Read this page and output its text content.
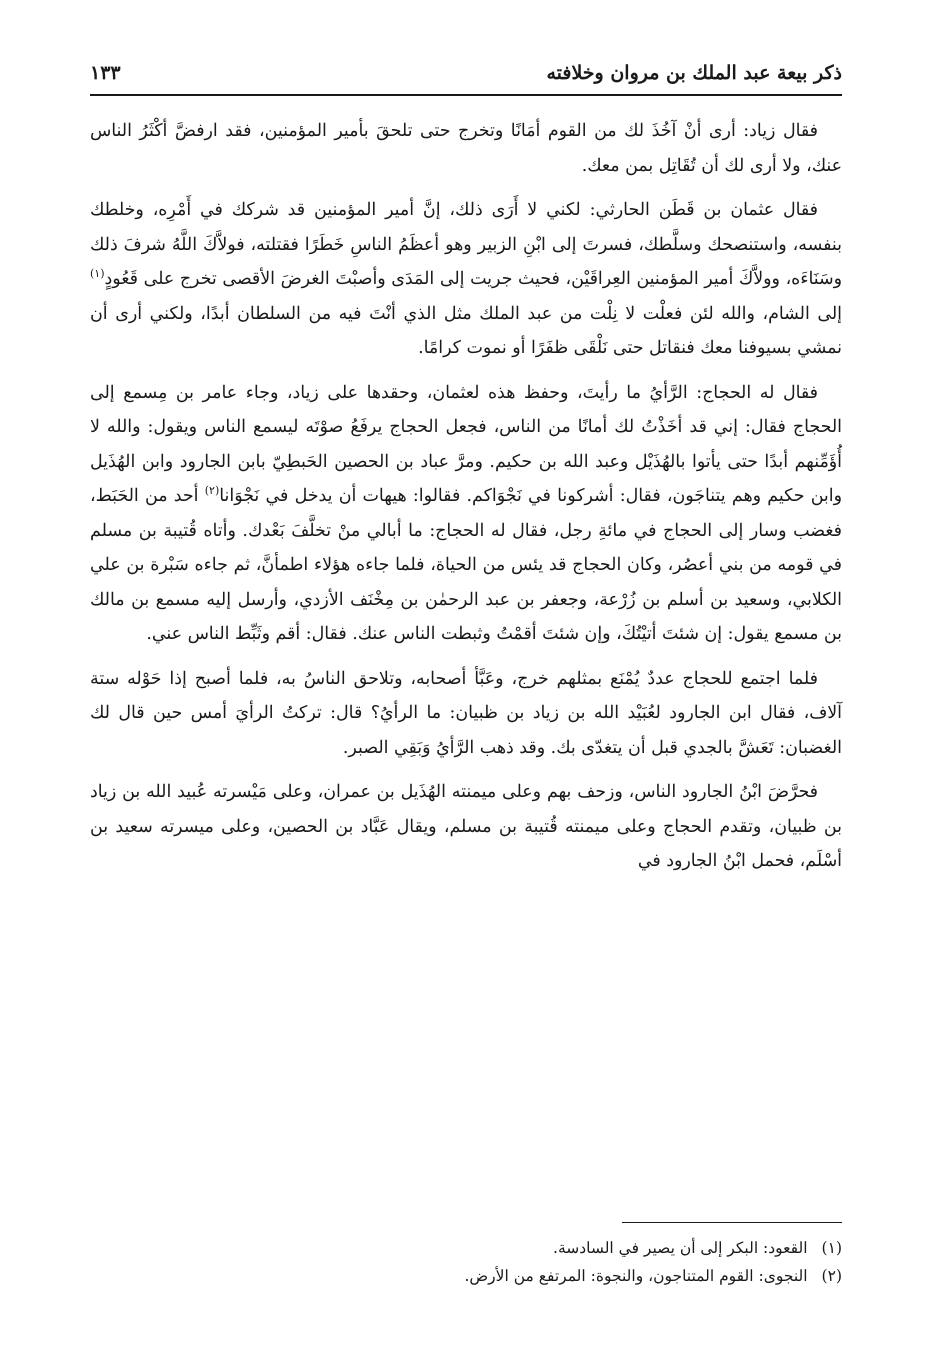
ذكر بيعة عبد الملك بن مروان وخلافته
١٣٣

فقال زياد: أرى أنْ آخُذَ لك من القوم أمَانًا وتخرج حتى تلحقَ بأمير المؤمنين، فقد ارفضَّ أكْثَرُ الناس عنك، ولا أرى لك أن تُقَاتِل بمن معك.

فقال عثمان بن قَطَن الحارثي: لكني لا أَرَى ذلك، إنَّ أمير المؤمنين قد شركك في أَمْرِه، وخلطك بنفسه، واستنصحك وسلَّطك، فسرتَ إلى ابْنِ الزبير وهو أعظَمُ الناسِ خَطَرًا فقتلته، فولاَّكَ اللَّهُ شرفَ ذلك وسَنَاءَه، وولاَّكَ أمير المؤمنين العِراقَيْن، فحيث جريت إلى المَدَى وأصبْتَ الغرضَ الأقصى تخرج على قَعُودٍ$^{(١)}$ إلى الشام، والله لئن فعلْت لا نِلْت من عبد الملك مثل الذي أنْتَ فيه من السلطان أبدًا، ولكني أرى أن نمشي بسيوفنا معك فنقاتل حتى نَلْقَى ظفَرًا أو نموت كرامًا.

فقال له الحجاج: الرَّأيُ ما رأيتَ، وحفظ هذه لعثمان، وحقدها على زياد، وجاء عامر بن مِسمع إلى الحجاج فقال: إني قد أخَذْتُ لك أمانًا من الناس، فجعل الحجاج يرفَعُ صوْتَه ليسمع الناس ويقول: والله لا أُؤَمِّنهم أبدًا حتى يأتوا بالهُذَيْل وعبد الله بن حكيم. ومرَّ عباد بن الحصين الحَبطِيّ بابن الجارود وابن الهُذَيل وابن حكيم وهم يتناجَون، فقال: أشركونا في نَجْوَاكم. فقالوا: هيهات أن يدخل في نَجْوَانا$^{(٢)}$ أحد من الحَبَط، فغضب وسار إلى الحجاج في مائةِ رجل، فقال له الحجاج: ما أبالي منْ تخلَّفَ بَعْدك. وأتاه قُتيبة بن مسلم في قومه من بني أعصُر، وكان الحجاج قد يئس من الحياة، فلما جاءه هؤلاء اطمأنَّ، ثم جاءه سَبْرة بن علي الكلابي، وسعيد بن أسلم بن زُرْعة، وجعفر بن عبد الرحمٰن بن مِخْنَف الأزدي، وأرسل إليه مسمع بن مالك بن مسمع يقول: إن شئتَ أتيْتُكَ، وإن شئتَ أقمْتُ وثبطت الناس عنك. فقال: أقم وثَبِّط الناس عني.

فلما اجتمع للحجاج عددٌ يُمْنَع بمثلهم خرج، وعَبَّأ أصحابه، وتلاحق الناسُ به، فلما أصبح إذا حَوْله ستة آلاف، فقال ابن الجارود لعُبَيْد الله بن زياد بن ظبيان: ما الرأيُ؟ قال: تركتُ الرأيَ أمس حين قال لك الغضبان: تَعَشَّ بالجدي قبل أن يتغدّى بك. وقد ذهب الرَّأيُ وَبَقِي الصبر.

فحرَّضَ ابْنُ الجارود الناس، وزحف بهم وعلى ميمنته الهُذَيل بن عمران، وعلى مَيْسرته عُبيد الله بن زياد بن ظبيان، وتقدم الحجاج وعلى ميمنته قُتيبة بن مسلم، ويقال عَبَّاد بن الحصين، وعلى ميسرته سعيد بن أسْلَم، فحمل ابْنُ الجارود في

(١)القعود: البكر إلى أن يصير في السادسة.

(٢)النجوى: القوم المتناجون، والنجوة: المرتفع من الأرض.
